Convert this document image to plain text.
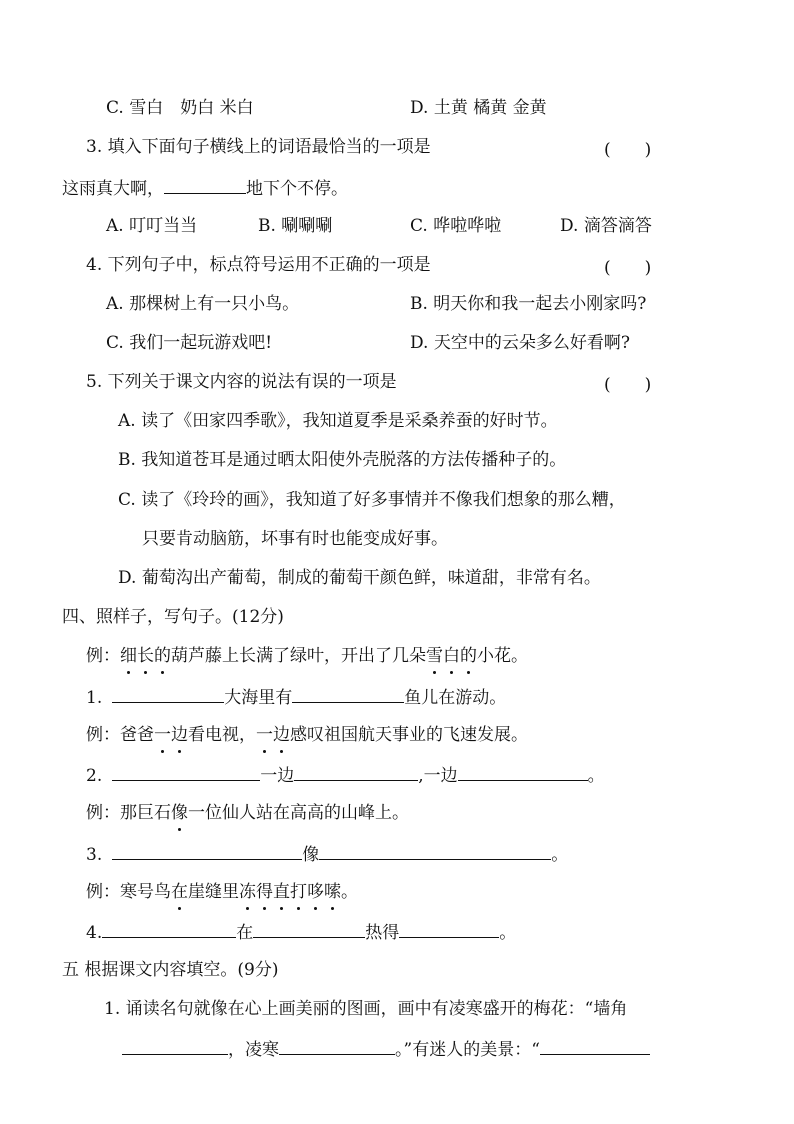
C. 雪白　奶白 米白	D. 土黄 橘黄 金黄
3. 填入下面句子横线上的词语最恰当的一项是	(　　)
这雨真大啊，	地下个不停。
A. 叮叮当当	B. 唰唰唰	C. 哗啦哗啦	D. 滴答滴答
4. 下列句子中，标点符号运用不正确的一项是	(　　)
A. 那棵树上有一只小鸟。	B. 明天你和我一起去小刚家吗?
C. 我们一起玩游戏吧!	D. 天空中的云朵多么好看啊?
5. 下列关于课文内容的说法有误的一项是	(　　)
A. 读了《田家四季歌》，我知道夏季是采桑养蚕的好时节。
B. 我知道苍耳是通过晒太阳使外壳脱落的方法传播种子的。
C. 读了《玲玲的画》，我知道了好多事情并不像我们想象的那么糟，
只要肯动脑筋，坏事有时也能变成好事。
D. 葡萄沟出产葡萄，制成的葡萄干颜色鲜，味道甜，非常有名。
四、照样子，写句子。(12分)
例：细长的葫芦藤上长满了绿叶，开出了几朵雪白的小花。
1.	大海里有	鱼儿在游动。
例：爸爸一边看电视，一边感叹祖国航天事业的飞速发展。
2.	一边	,一边	。
例：那巨石像一位仙人站在高高的山峰上。
3.	像	。
例：寒号鸟在崖缝里冻得直打哆嗦。
4.	在	热得	。
五 根据课文内容填空。(9分)
1. 诵读名句就像在心上画美丽的图画，画中有凌寒盛开的梅花：“墙角
，凌寒	。”有迷人的美景：“
